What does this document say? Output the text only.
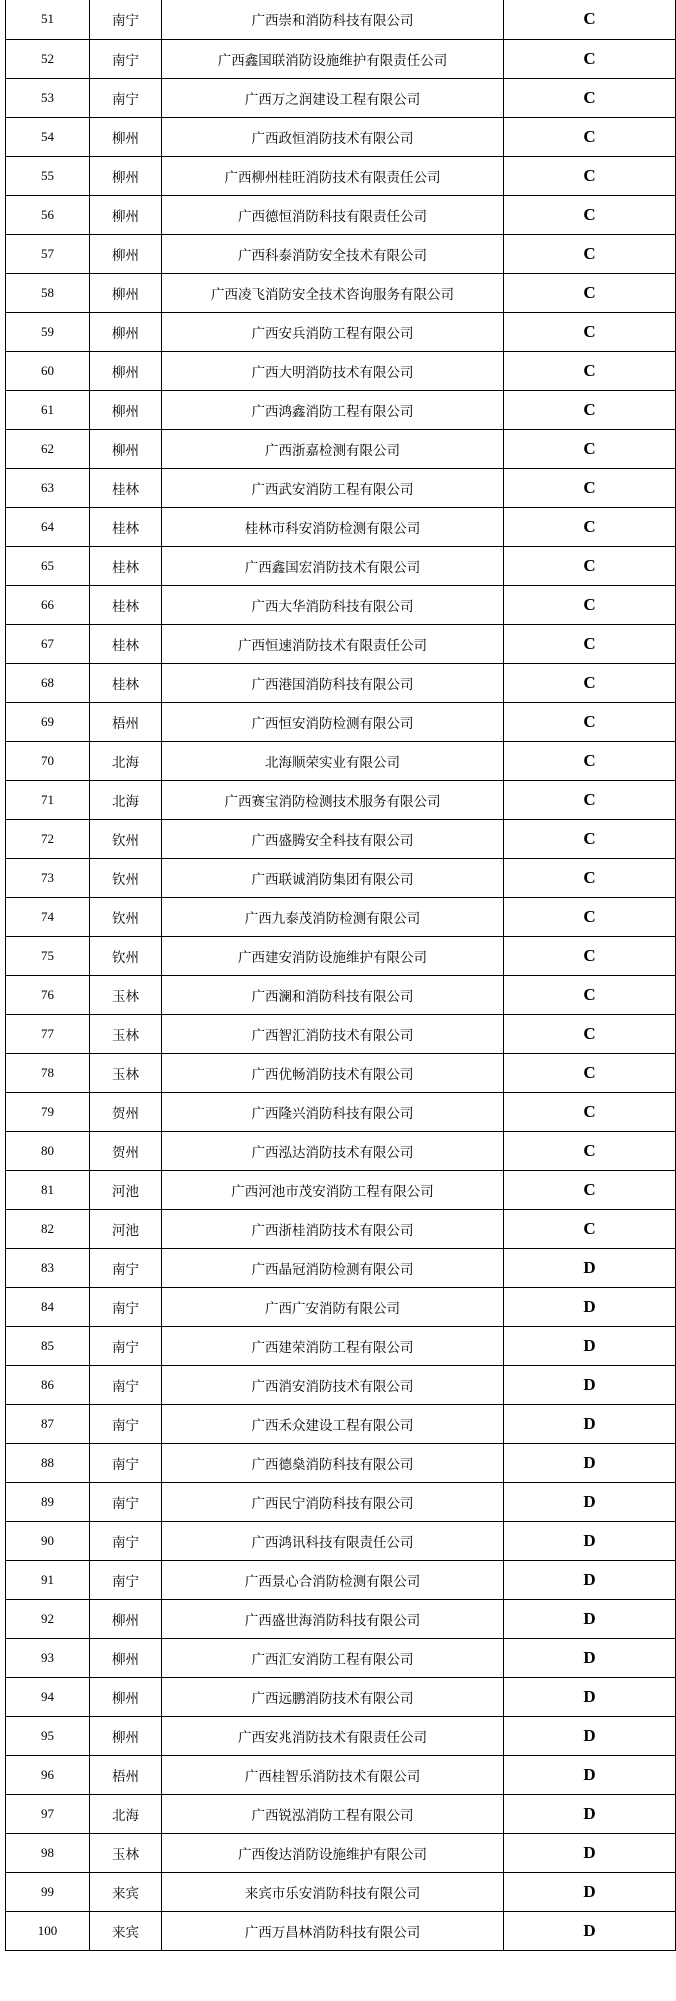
51	南宁	广西崇和消防科技有限公司	C
52	南宁	广西鑫国联消防设施维护有限责任公司	C
53	南宁	广西万之润建设工程有限公司	C
54	柳州	广西政恒消防技术有限公司	C
55	柳州	广西柳州桂旺消防技术有限责任公司	C
56	柳州	广西德恒消防科技有限责任公司	C
57	柳州	广西科泰消防安全技术有限公司	C
58	柳州	广西凌飞消防安全技术咨询服务有限公司	C
59	柳州	广西安兵消防工程有限公司	C
60	柳州	广西大明消防技术有限公司	C
61	柳州	广西鸿鑫消防工程有限公司	C
62	柳州	广西浙嘉检测有限公司	C
63	桂林	广西武安消防工程有限公司	C
64	桂林	桂林市科安消防检测有限公司	C
65	桂林	广西鑫国宏消防技术有限公司	C
66	桂林	广西大华消防科技有限公司	C
67	桂林	广西恒速消防技术有限责任公司	C
68	桂林	广西港国消防科技有限公司	C
69	梧州	广西恒安消防检测有限公司	C
70	北海	北海顺荣实业有限公司	C
71	北海	广西赛宝消防检测技术服务有限公司	C
72	钦州	广西盛腾安全科技有限公司	C
73	钦州	广西联诚消防集团有限公司	C
74	钦州	广西九泰茂消防检测有限公司	C
75	钦州	广西建安消防设施维护有限公司	C
76	玉林	广西澜和消防科技有限公司	C
77	玉林	广西智汇消防技术有限公司	C
78	玉林	广西优畅消防技术有限公司	C
79	贺州	广西隆兴消防科技有限公司	C
80	贺州	广西泓达消防技术有限公司	C
81	河池	广西河池市茂安消防工程有限公司	C
82	河池	广西浙桂消防技术有限公司	C
83	南宁	广西晶冠消防检测有限公司	D
84	南宁	广西广安消防有限公司	D
85	南宁	广西建荣消防工程有限公司	D
86	南宁	广西消安消防技术有限公司	D
87	南宁	广西禾众建设工程有限公司	D
88	南宁	广西德燊消防科技有限公司	D
89	南宁	广西民宁消防科技有限公司	D
90	南宁	广西鸿讯科技有限责任公司	D
91	南宁	广西景心合消防检测有限公司	D
92	柳州	广西盛世海消防科技有限公司	D
93	柳州	广西汇安消防工程有限公司	D
94	柳州	广西远鹏消防技术有限公司	D
95	柳州	广西安兆消防技术有限责任公司	D
96	梧州	广西桂智乐消防技术有限公司	D
97	北海	广西锐泓消防工程有限公司	D
98	玉林	广西俊达消防设施维护有限公司	D
99	来宾	来宾市乐安消防科技有限公司	D
100	来宾	广西万昌林消防科技有限公司	D
